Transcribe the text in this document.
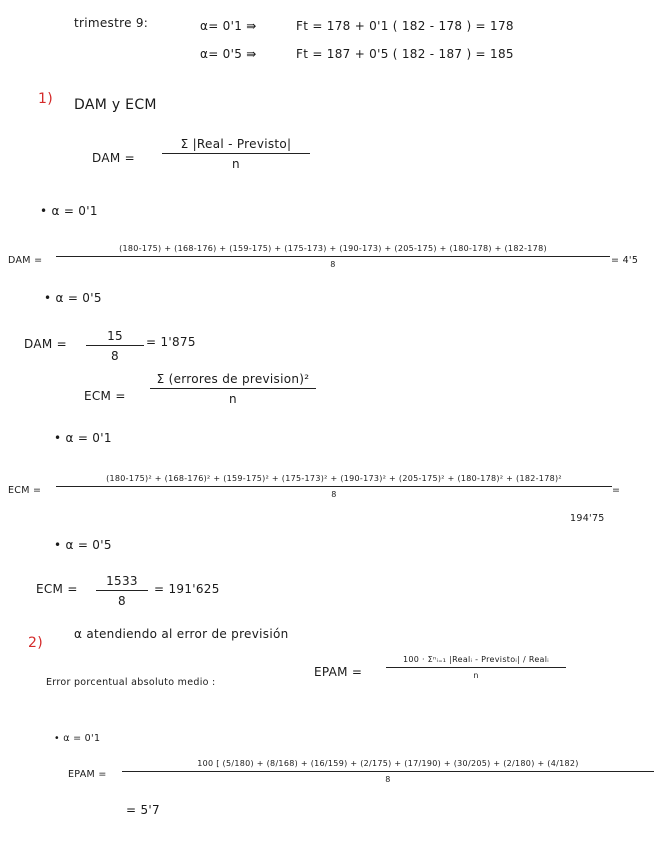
trimestre 9:	α= 0'1 ⇛	Ft = 178 + 0'1 ( 182 - 178 ) = 178
α= 0'5 ⇛	Ft = 187 + 0'5 ( 182 - 187 ) = 185
1) DAM y ECM
DAM =
Σ |Real - Previsto|
n
• α = 0'1
DAM =
(180-175) + (168-176) + (159-175) + (175-173) + (190-173) + (205-175) + (180-178) + (182-178)
8	= 4'5
• α = 0'5
DAM = $\frac{15}{8} = 1'875$
ECM =
Σ (errores de prevision)²
n
• α = 0'1
ECM =
(180-175)² + (168-176)² + (159-175)² + (175-173)² + (190-173)² + (205-175)² + (180-178)² + (182-178)²
8	=
194'75
• α = 0'5
ECM = $\frac{1533}{8} = 191'625$
2)
α atendiendo al error de previsión
Error porcentual absoluto medio :
EPAM =
100 · Σⁿᵢ₌₁ |Realᵢ - Previstoᵢ| / Realᵢ
n
• α = 0'1
EPAM =
100 [ (5/180) + (8/168) + (16/159) + (2/175) + (17/190) + (30/205) + (2/180) + (4/182)
8
= 5'7
